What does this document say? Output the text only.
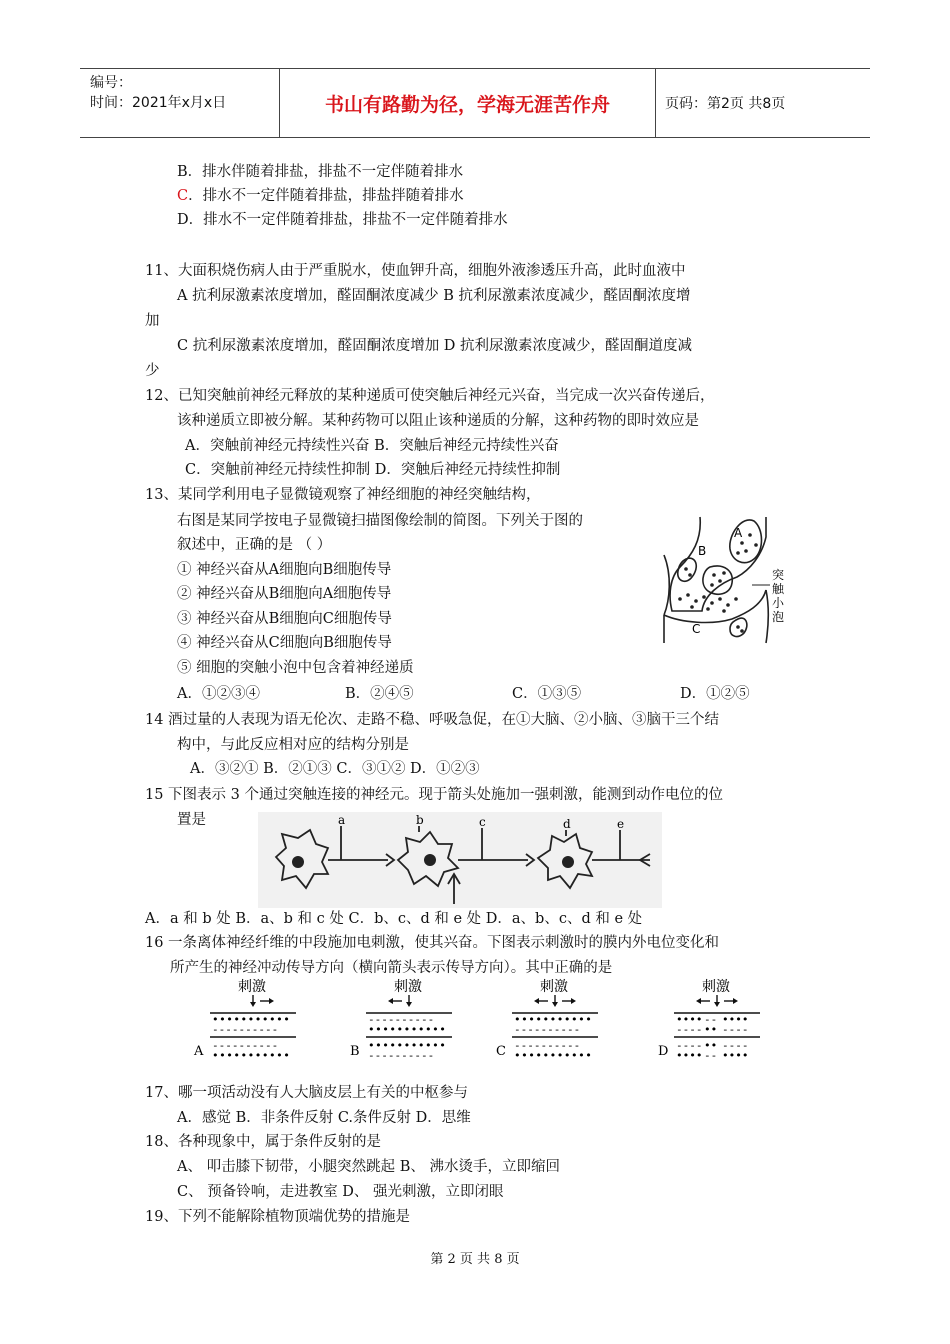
编号：
时间：2021年x月x日	书山有路勤为径，学海无涯苦作舟	页码：第2页 共8页
B．排水伴随着排盐，排盐不一定伴随着排水
C．排水不一定伴随着排盐，排盐拌随着排水
D．排水不一定伴随着排盐，排盐不一定伴随着排水
11、大面积烧伤病人由于严重脱水，使血钾升高，细胞外液渗透压升高，此时血液中
A 抗利尿激素浓度增加，醛固酮浓度减少 B 抗利尿激素浓度减少，醛固酮浓度增
加
C 抗利尿激素浓度增加，醛固酮浓度增加 D 抗利尿激素浓度减少，醛固酮道度减
少
12、已知突触前神经元释放的某种递质可使突触后神经元兴奋，当完成一次兴奋传递后，
该种递质立即被分解。某种药物可以阻止该种递质的分解，这种药物的即时效应是
A．突触前神经元持续性兴奋 B．突触后神经元持续性兴奋
C．突触前神经元持续性抑制 D．突触后神经元持续性抑制
13、某同学利用电子显微镜观察了神经细胞的神经突触结构，
右图是某同学按电子显微镜扫描图像绘制的简图。下列关于图的
叙述中，正确的是 （ ）
① 神经兴奋从A细胞向B细胞传导
② 神经兴奋从B细胞向A细胞传导
③ 神经兴奋从B细胞向C细胞传导
④ 神经兴奋从C细胞向B细胞传导
⑤ 细胞的突触小泡中包含着神经递质
A．①②③④	B．②④⑤	C．①③⑤	D．①②⑤
A
B
C
突
触
小
泡
14 酒过量的人表现为语无伦次、走路不稳、呼吸急促，在①大脑、②小脑、③脑干三个结
构中，与此反应相对应的结构分别是
A．③②① B．②①③ C．③①② D．①②③
15 下图表示 3 个通过突触连接的神经元。现于箭头处施加一强刺激，能测到动作电位的位
置是	a	b	c	d	e
A．a 和 b 处 B．a、b 和 c 处 C．b、c、d 和 e 处 D．a、b、c、d 和 e 处
16 一条离体神经纤维的中段施加电刺激，使其兴奋。下图表示刺激时的膜内外电位变化和
所产生的神经冲动传导方向（横向箭头表示传导方向）。其中正确的是
刺激
•••••••••••
----------
----------
•••••••••••
A
刺激
----------
•••••••••••
•••••••••••
----------
B
刺激
•••••••••••
----------
----------
•••••••••••
C
刺激
•••• -- ••••
---- •• ----
---- •• ----
•••• -- ••••
D
17、哪一项活动没有人大脑皮层上有关的中枢参与
A．感觉 B．非条件反射 C.条件反射 D．思维
18、各种现象中，属于条件反射的是
A、 叩击膝下韧带，小腿突然跳起 B、 沸水烫手，立即缩回
C、 预备铃响，走进教室 D、 强光刺激，立即闭眼
19、下列不能解除植物顶端优势的措施是
第 2 页 共 8 页
